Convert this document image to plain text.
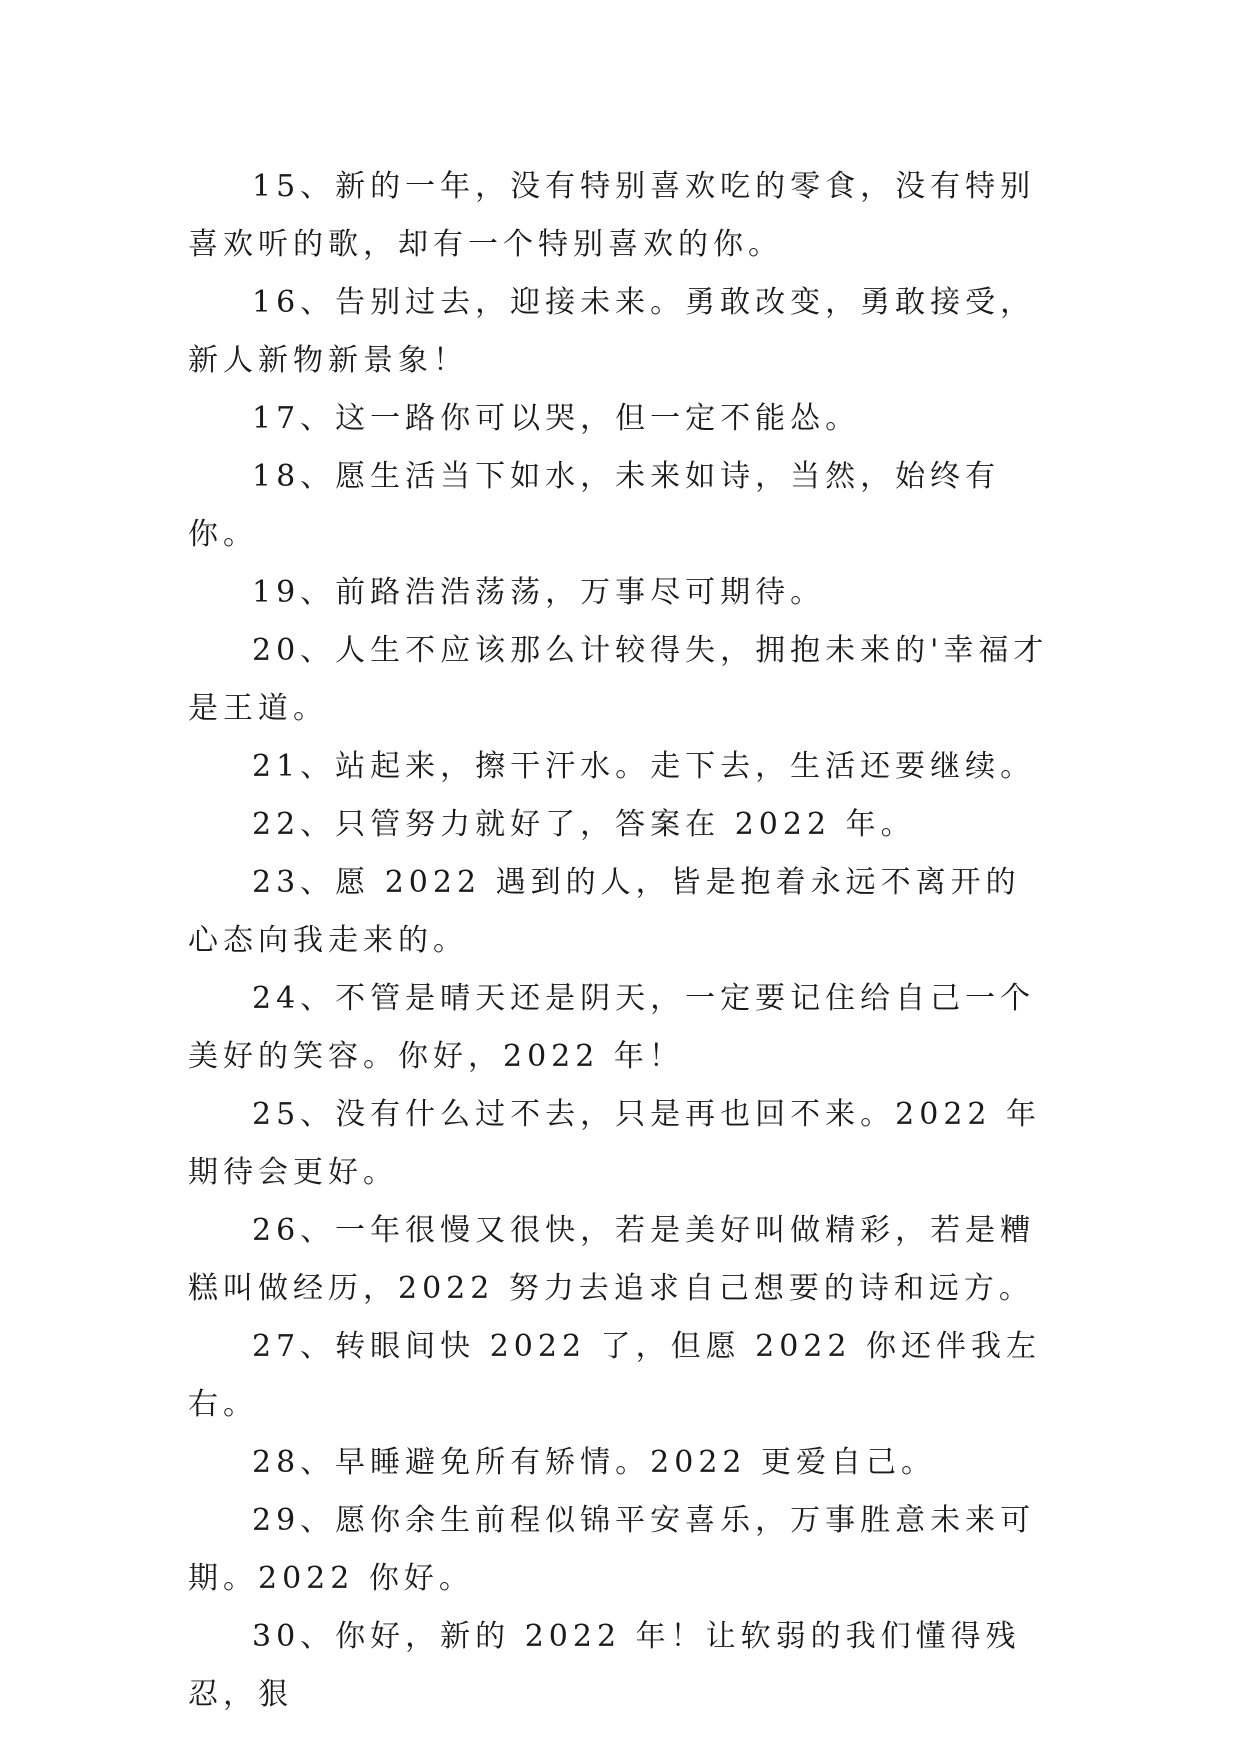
15、新的一年，没有特别喜欢吃的零食，没有特别喜欢听的歌，却有一个特别喜欢的你。

16、告别过去，迎接未来。勇敢改变，勇敢接受，新人新物新景象！

17、这一路你可以哭，但一定不能怂。

18、愿生活当下如水，未来如诗，当然，始终有你。

19、前路浩浩荡荡，万事尽可期待。

20、人生不应该那么计较得失，拥抱未来的'幸福才是王道。

21、站起来，擦干汗水。走下去，生活还要继续。

22、只管努力就好了，答案在 2022 年。

23、愿 2022 遇到的人，皆是抱着永远不离开的心态向我走来的。

24、不管是晴天还是阴天，一定要记住给自己一个美好的笑容。你好，2022 年！

25、没有什么过不去，只是再也回不来。2022 年期待会更好。

26、一年很慢又很快，若是美好叫做精彩，若是糟糕叫做经历，2022 努力去追求自己想要的诗和远方。

27、转眼间快 2022 了，但愿 2022 你还伴我左右。

28、早睡避免所有矫情。2022 更爱自己。

29、愿你余生前程似锦平安喜乐，万事胜意未来可期。2022 你好。

30、你好，新的 2022 年！让软弱的我们懂得残忍，狠
